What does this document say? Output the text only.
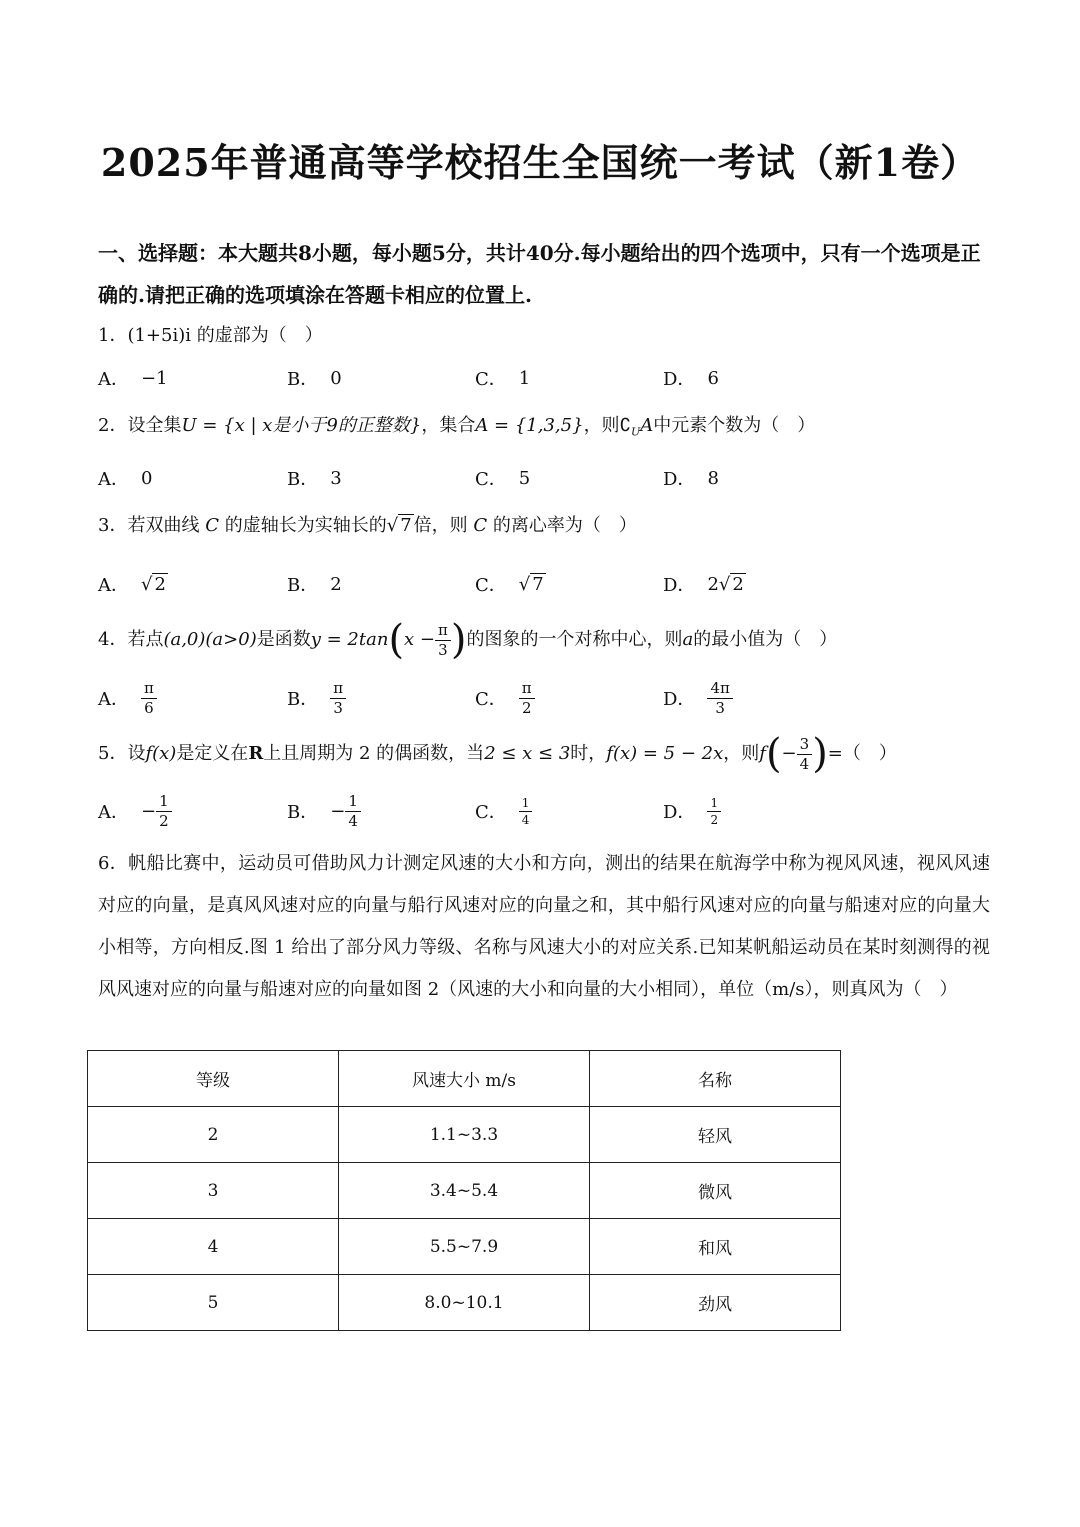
2025年普通高等学校招生全国统一考试（新1卷）
一、选择题：本大题共8小题，每小题5分，共计40分.每小题给出的四个选项中，只有一个选项是正确的.请把正确的选项填涂在答题卡相应的位置上.
1．(1+5i)i 的虚部为（　）
A． −1	B． 0	C． 1	D． 6
2．设全集U = {x | x是小于9的正整数}，集合A = {1,3,5}，则$∁_UA$中元素个数为（　）
A． 0	B． 3	C． 5	D． 8
3．若双曲线 C 的虚轴长为实轴长的√ 7 倍，则 C 的离心率为（　）
A． √ 2	B． 2	C． √ 7	D． 2 √ 2
4．若点(a,0)(a>0)是函数$y = 2\tan(x - \frac{\pi}{3}$ )的图象的一个对称中心，则a的最小值为（　）
A． $\frac{\pi}{6}$	B． $\frac{\pi}{3}$	C． $\frac{\pi}{2}$	D． $\frac{4\pi}{3}$
5．设f(x)是定义在R上且周期为 2 的偶函数，当2 ≤ x ≤ 3时，f(x) = 5 − 2x，则$f(- \frac{3}{4}$ )=（　）
A． − $\frac{1}{2}$	B． − $\frac{1}{4}$	C． $\frac{1}{4}$	D． $\frac{1}{2}$
6．帆船比赛中，运动员可借助风力计测定风速的大小和方向，测出的结果在航海学中称为视风风速，视风风速对应的向量，是真风风速对应的向量与船行风速对应的向量之和，其中船行风速对应的向量与船速对应的向量大小相等，方向相反.图 1 给出了部分风力等级、名称与风速大小的对应关系.已知某帆船运动员在某时刻测得的视风风速对应的向量与船速对应的向量如图 2（风速的大小和向量的大小相同），单位（m/s），则真风为（　）
等级	风速大小 m/s	名称
2	1.1~3.3	轻风
3	3.4~5.4	微风
4	5.5~7.9	和风
5	8.0~10.1	劲风
